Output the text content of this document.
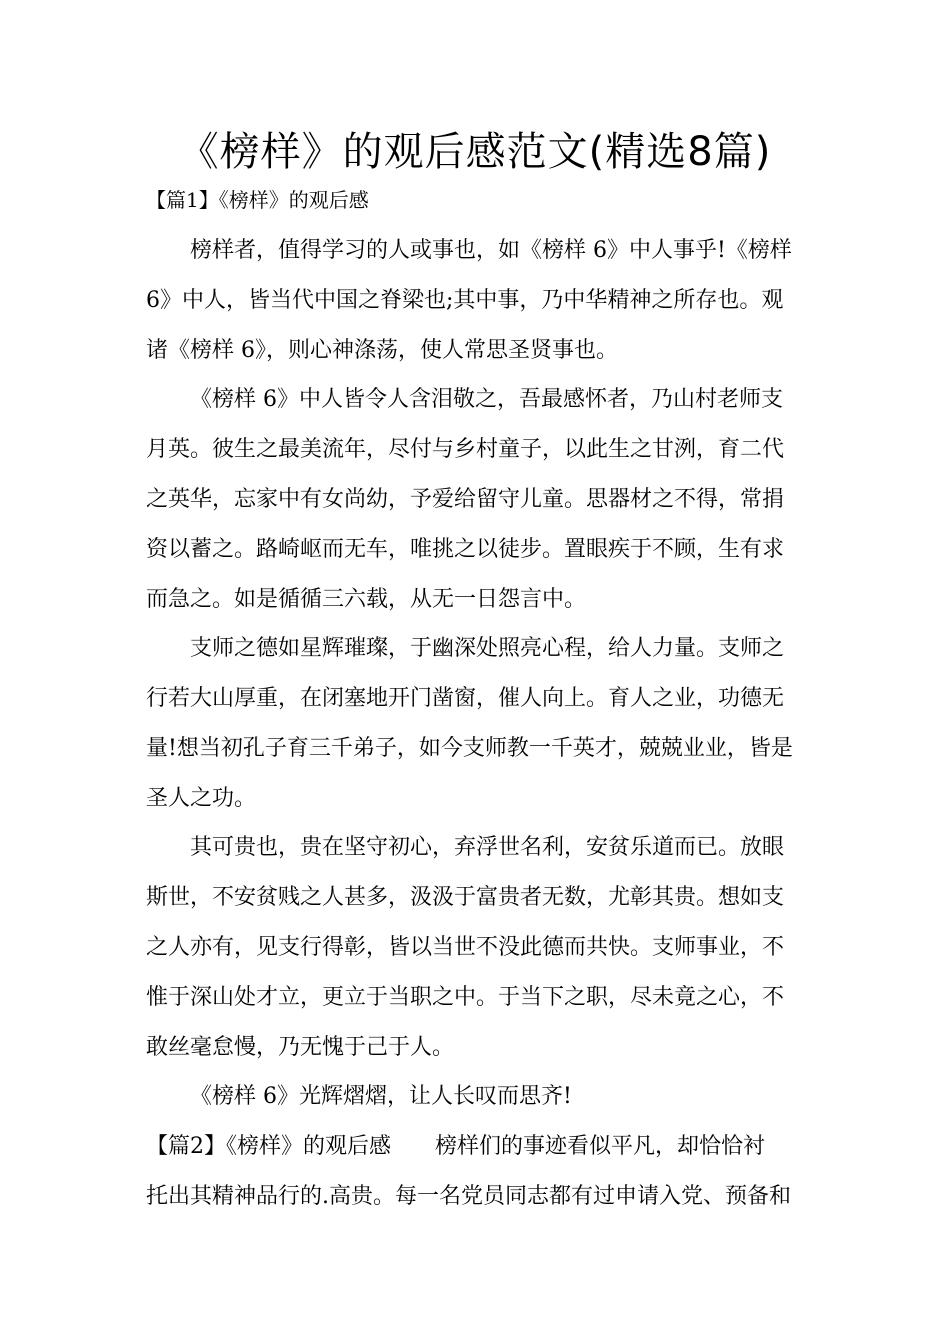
《榜样》的观后感范文(精选8篇)
【篇1】《榜样》的观后感
榜样者，值得学习的人或事也，如《榜样 6》中人事乎!《榜样
6》中人，皆当代中国之脊梁也;其中事，乃中华精神之所存也。观
诸《榜样 6》，则心神涤荡，使人常思圣贤事也。
《榜样 6》中人皆令人含泪敬之，吾最感怀者，乃山村老师支
月英。彼生之最美流年，尽付与乡村童子，以此生之甘洌，育二代
之英华，忘家中有女尚幼，予爱给留守儿童。思器材之不得，常捐
资以蓄之。路崎岖而无车，唯挑之以徒步。置眼疾于不顾，生有求
而急之。如是循循三六载，从无一日怨言中。
支师之德如星辉璀璨，于幽深处照亮心程，给人力量。支师之
行若大山厚重，在闭塞地开门凿窗，催人向上。育人之业，功德无
量!想当初孔子育三千弟子，如今支师教一千英才，兢兢业业，皆是
圣人之功。
其可贵也，贵在坚守初心，弃浮世名利，安贫乐道而已。放眼
斯世，不安贫贱之人甚多，汲汲于富贵者无数，尤彰其贵。想如支
之人亦有，见支行得彰，皆以当世不没此德而共快。支师事业，不
惟于深山处才立，更立于当职之中。于当下之职，尽未竟之心，不
敢丝毫怠慢，乃无愧于己于人。
《榜样 6》光辉熠熠，让人长叹而思齐!
【篇2】《榜样》的观后感　　榜样们的事迹看似平凡，却恰恰衬
托出其精神品行的.高贵。每一名党员同志都有过申请入党、预备和
